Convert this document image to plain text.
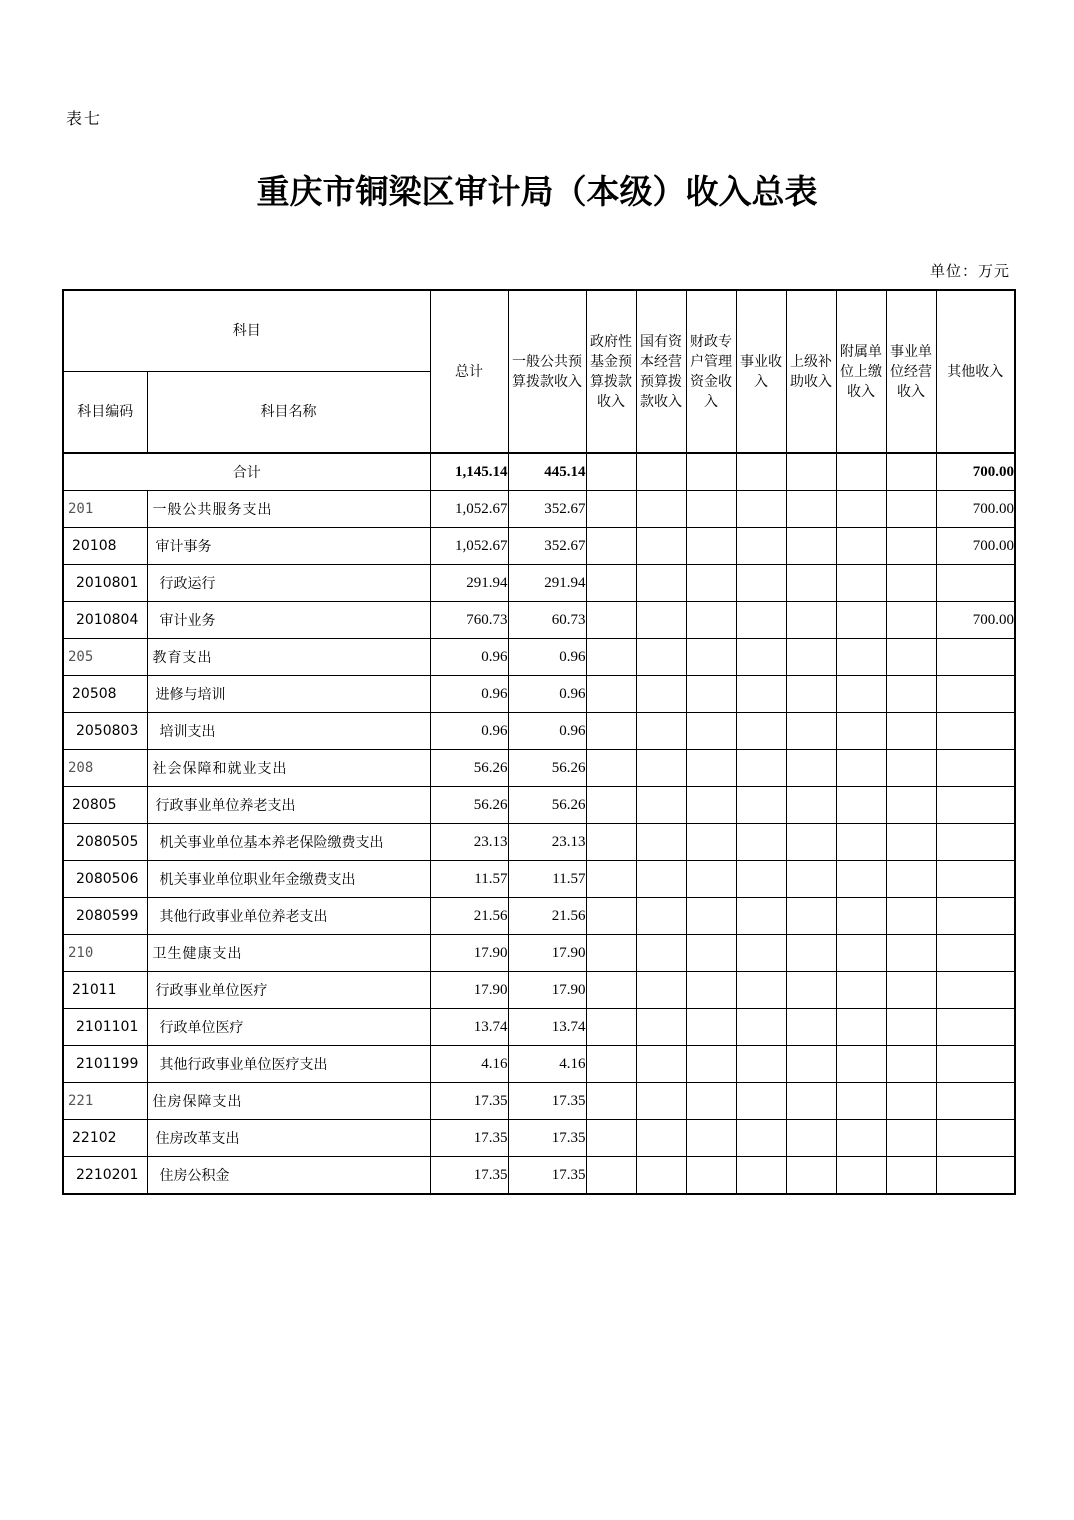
表七
重庆市铜梁区审计局（本级）收入总表
单位：万元
科目		总计	一般公共预算拨款收入	政府性基金预算拨款收入	国有资本经营预算拨款收入	财政专户管理资金收入	事业收入	上级补助收入	附属单位上缴收入	事业单位经营收入	其他收入
科目编码	科目名称										
合计		1,145.14	445.14								700.00
201	一般公共服务支出	1,052.67	352.67								700.00
20108	审计事务	1,052.67	352.67								700.00
2010801	行政运行	291.94	291.94								
2010804	审计业务	760.73	60.73								700.00
205	教育支出	0.96	0.96								
20508	进修与培训	0.96	0.96								
2050803	培训支出	0.96	0.96								
208	社会保障和就业支出	56.26	56.26								
20805	行政事业单位养老支出	56.26	56.26								
2080505	机关事业单位基本养老保险缴费支出	23.13	23.13								
2080506	机关事业单位职业年金缴费支出	11.57	11.57								
2080599	其他行政事业单位养老支出	21.56	21.56								
210	卫生健康支出	17.90	17.90								
21011	行政事业单位医疗	17.90	17.90								
2101101	行政单位医疗	13.74	13.74								
2101199	其他行政事业单位医疗支出	4.16	4.16								
221	住房保障支出	17.35	17.35								
22102	住房改革支出	17.35	17.35								
2210201	住房公积金	17.35	17.35								
